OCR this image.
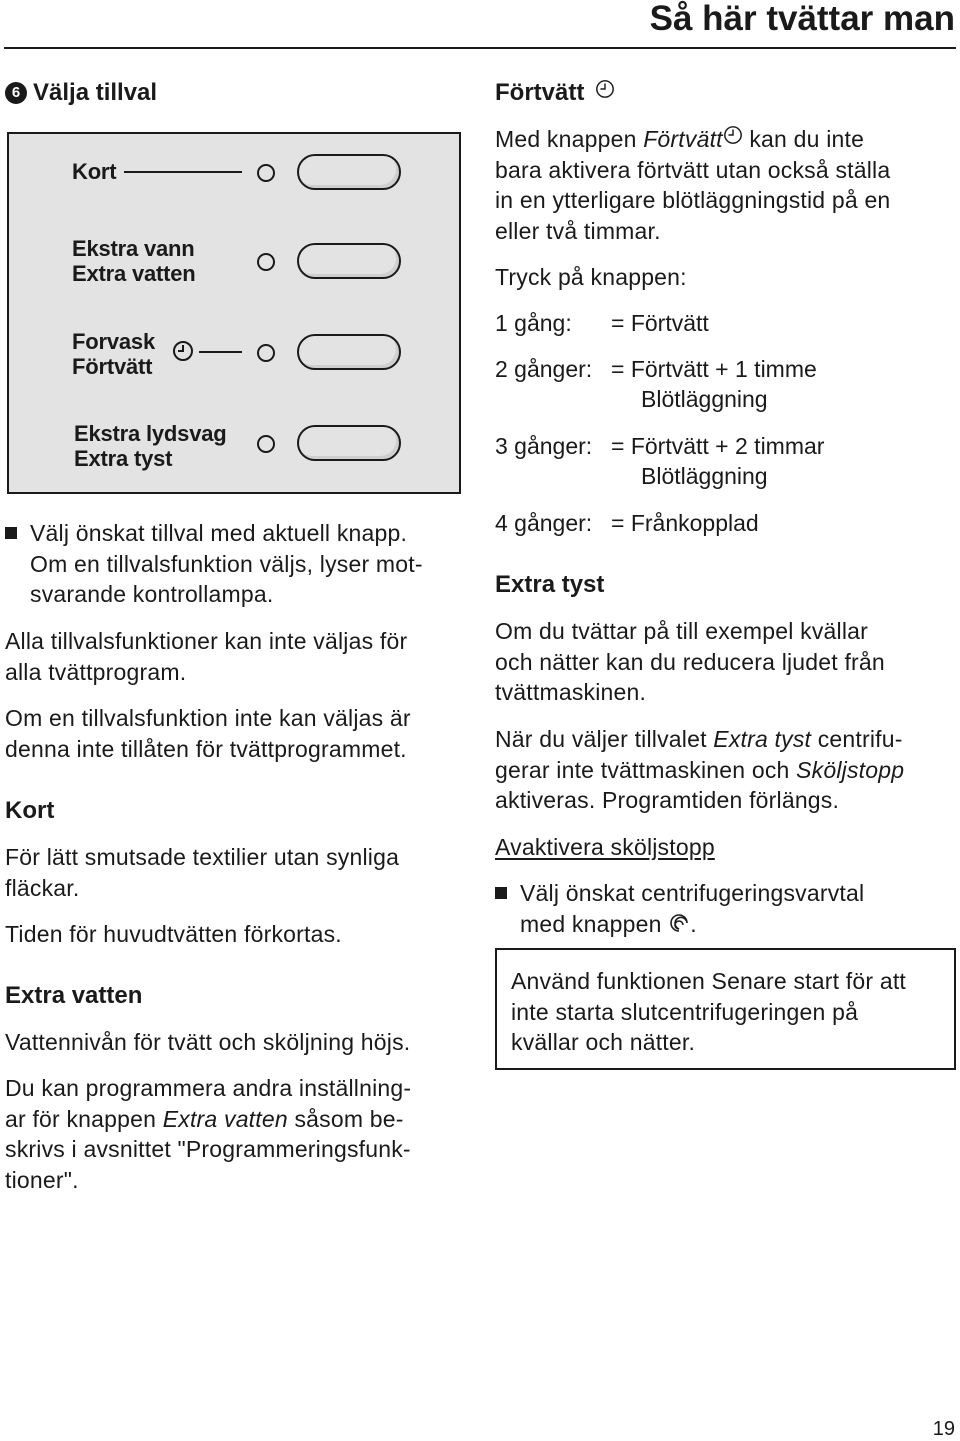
Så här tvättar man
6 Välja tillval
Kort
Ekstra vann
Extra vatten
Forvask
Förtvätt
Ekstra lydsvag
Extra tyst
Välj önskat tillval med aktuell knapp.
Om en tillvalsfunktion väljs, lyser mot-
svarande kontrollampa.
Alla tillvalsfunktioner kan inte väljas för
alla tvättprogram.
Om en tillvalsfunktion inte kan väljas är
denna inte tillåten för tvättprogrammet.
Kort
För lätt smutsade textilier utan synliga
fläckar.
Tiden för huvudtvätten förkortas.
Extra vatten
Vattennivån för tvätt och sköljning höjs.
Du kan programmera andra inställning-
ar för knappen Extra vatten såsom be-
skrivs i avsnittet "Programmeringsfunk-
tioner".
Förtvätt
Med knappen Förtvätt kan du inte
bara aktivera förtvätt utan också ställa
in en ytterligare blötläggningstid på en
eller två timmar.
Tryck på knappen:
1 gång: = Förtvätt
2 gånger: = Förtvätt + 1 timme
Blötläggning
3 gånger: = Förtvätt + 2 timmar
Blötläggning
4 gånger: = Frånkopplad
Extra tyst
Om du tvättar på till exempel kvällar
och nätter kan du reducera ljudet från
tvättmaskinen.
När du väljer tillvalet Extra tyst centrifu-
gerar inte tvättmaskinen och Sköljstopp
aktiveras. Programtiden förlängs.
Avaktivera sköljstopp
Välj önskat centrifugeringsvarvtal
med knappen .
Använd funktionen Senare start för att
inte starta slutcentrifugeringen på
kvällar och nätter.
19
